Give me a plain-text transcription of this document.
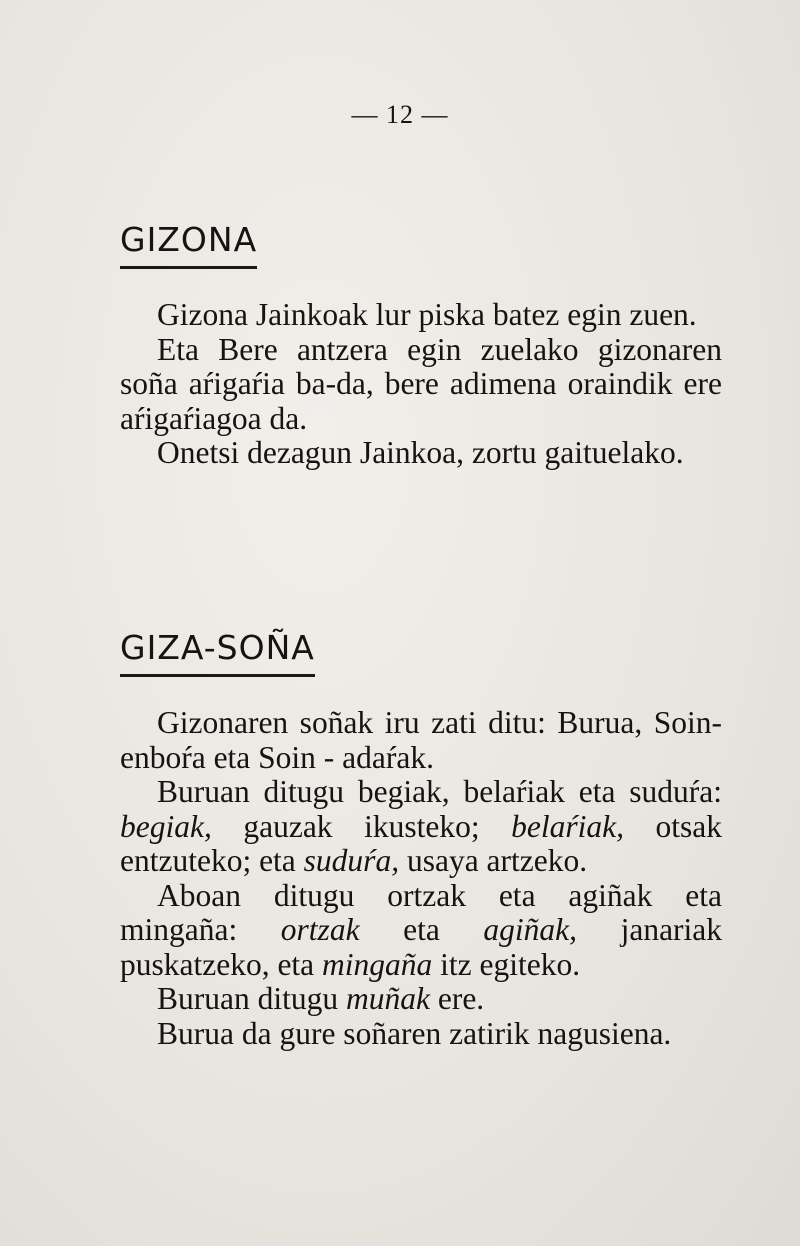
— 12 —
GIZONA

Gizona Jainkoak lur piska batez egin zuen.

Eta Bere antzera egin zuelako gizonaren soña aŕigaŕia ba-da, bere adimena oraindik ere aŕigaŕiagoa da.

Onetsi dezagun Jainkoa, zortu gaituelako.

GIZA-SOÑA

Gizonaren soñak iru zati ditu: Burua, Soin-enboŕa eta Soin - adaŕak.

Buruan ditugu begiak, belaŕiak eta suduŕa: begiak, gauzak ikusteko; belaŕiak, otsak entzuteko; eta suduŕa, usaya artzeko.

Aboan ditugu ortzak eta agiñak eta mingaña: ortzak eta agiñak, janariak puskatzeko, eta mingaña itz egiteko.

Buruan ditugu muñak ere.

Burua da gure soñaren zatirik nagusiena.
